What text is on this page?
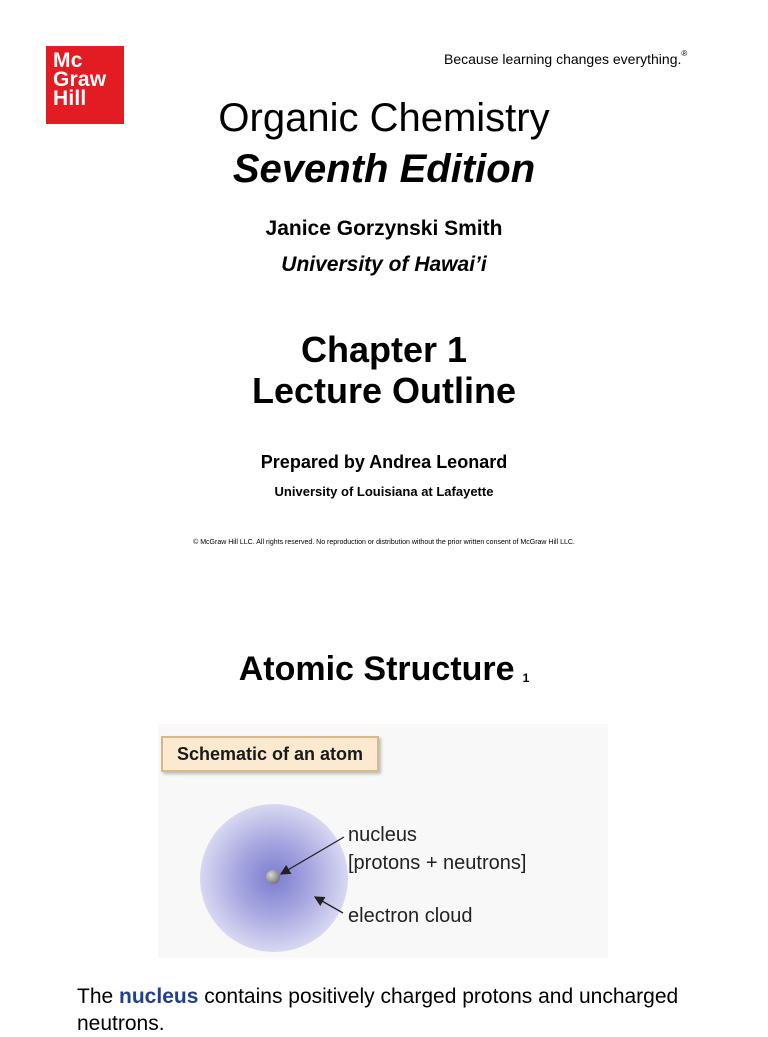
Mc
Graw
Hill
Because learning changes everything.®
Organic Chemistry
Seventh Edition
Janice Gorzynski Smith
University of Hawai’i
Chapter 1
Lecture Outline
Prepared by Andrea Leonard
University of Louisiana at Lafayette
© McGraw Hill LLC. All rights reserved. No reproduction or distribution without the prior written consent of McGraw Hill LLC.
Atomic Structure $_1$
Schematic of an atom
nucleus
[protons + neutrons]
electron cloud
The nucleus contains positively charged protons and uncharged neutrons.
